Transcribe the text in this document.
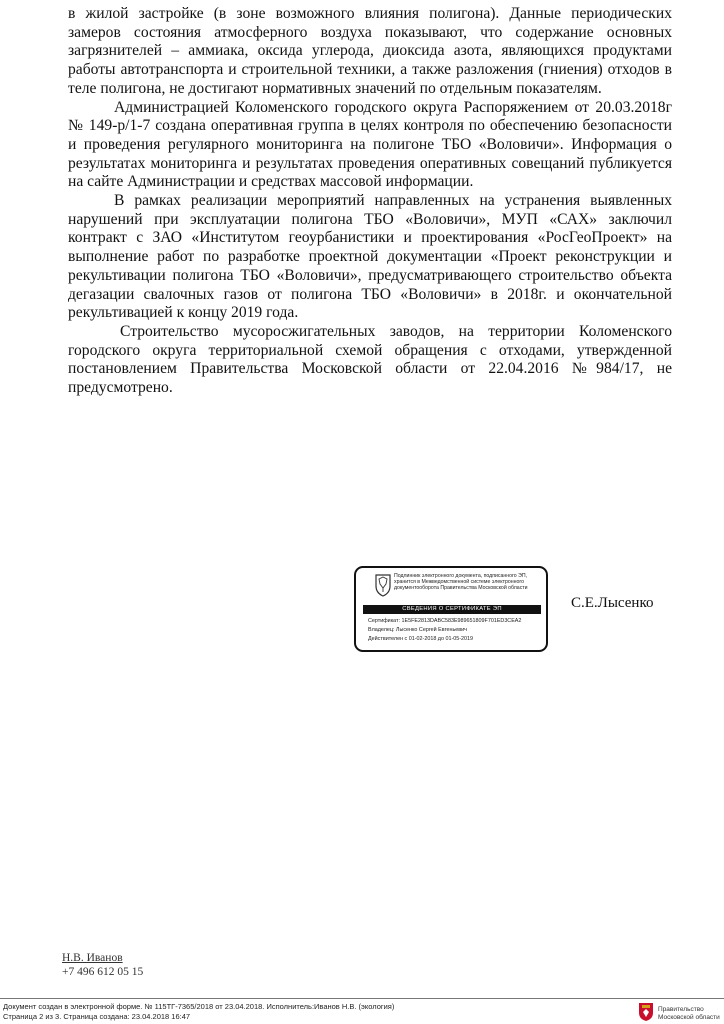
в жилой застройке (в зоне возможного влияния полигона). Данные периодических замеров состояния атмосферного воздуха показывают, что содержание основных загрязнителей – аммиака, оксида углерода, диоксида азота, являющихся продуктами работы автотранспорта и строительной техники, а также разложения (гниения) отходов в теле полигона, не достигают нормативных значений по отдельным показателям.

Администрацией Коломенского городского округа Распоряжением от 20.03.2018г № 149-р/1-7 создана оперативная группа в целях контроля по обеспечению безопасности и проведения регулярного мониторинга на полигоне ТБО «Воловичи». Информация о результатах мониторинга и результатах проведения оперативных совещаний публикуется на сайте Администрации и средствах массовой информации.

В рамках реализации мероприятий направленных на устранения выявленных нарушений при эксплуатации полигона ТБО «Воловичи», МУП «САХ» заключил контракт с ЗАО «Институтом геоурбанистики и проектирования «РосГеоПроект» на выполнение работ по разработке проектной документации «Проект реконструкции и рекультивации полигона ТБО «Воловичи», предусматривающего строительство объекта дегазации свалочных газов от полигона ТБО «Воловичи» в 2018г. и окончательной рекультивацией к концу 2019 года.

Строительство мусоросжигательных заводов, на территории Коломенского городского округа территориальной схемой обращения с отходами, утвержденной постановлением Правительства Московской области от 22.04.2016 №984/17, не предусмотрено.

Подлинник электронного документа, подписанного ЭП, хранится в Межведомственной системе электронного документооборота Правительства Московской области
СВЕДЕНИЯ О СЕРТИФИКАТЕ ЭП
Сертификат: 1E5FE2813DABC583E989651809F701ED3CEA2
Владелец: Лысенко Сергей Евгеньевич
Действителен с 01-02-2018 до 01-05-2019
С.Е.Лысенко
Н.В. Иванов
+7 496 612 05 15
Документ создан в электронной форме. № 115ТГ-7365/2018 от 23.04.2018. Исполнитель:Иванов Н.В. (экология)
Страница 2 из 3. Страница создана: 23.04.2018 16:47
Правительство
Московской области
